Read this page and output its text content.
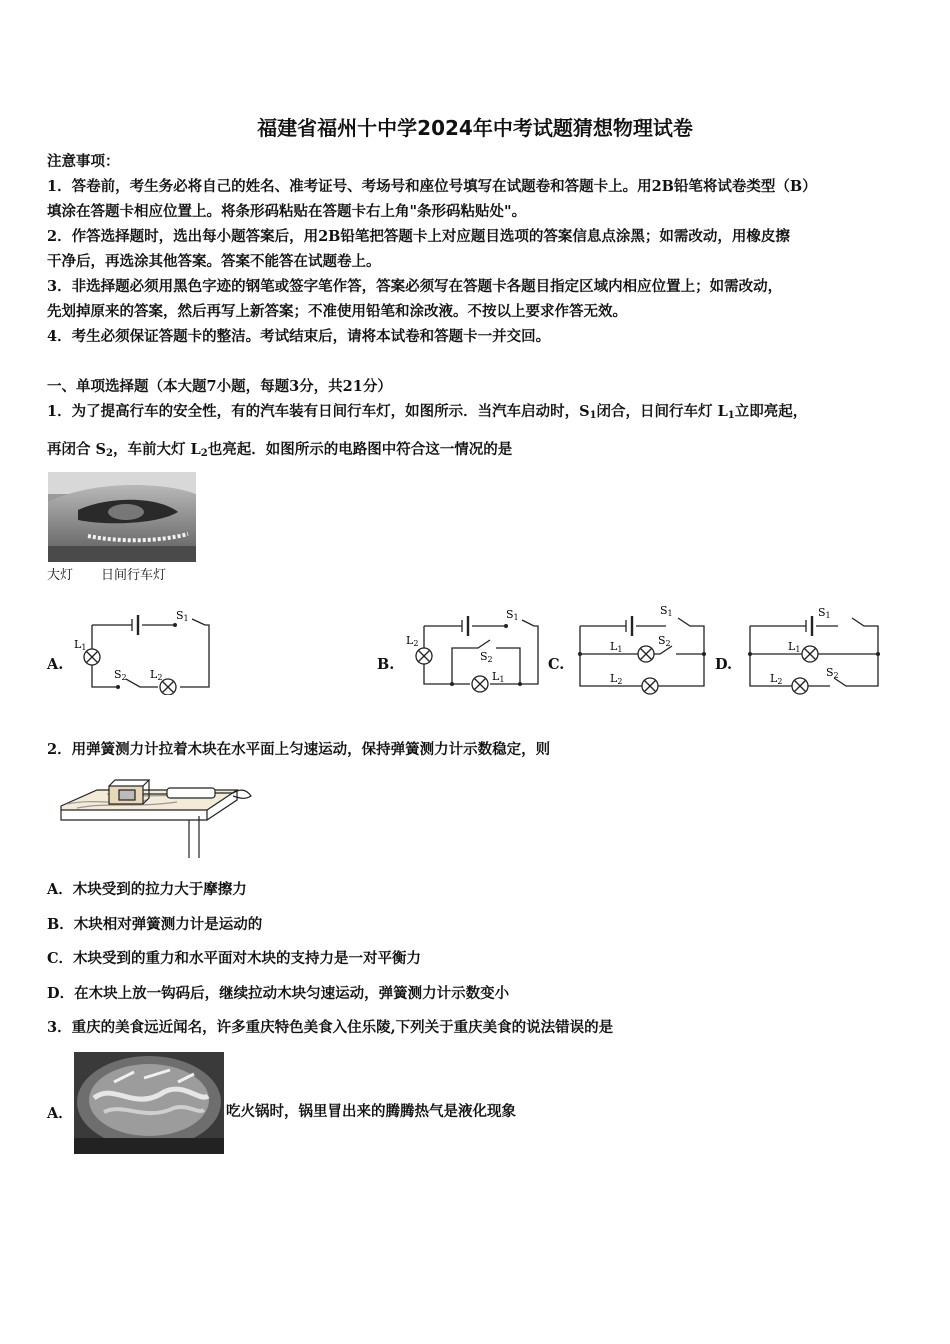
福建省福州十中学2024年中考试题猜想物理试卷
注意事项：
1．答卷前，考生务必将自己的姓名、准考证号、考场号和座位号填写在试题卷和答题卡上。用2B铅笔将试卷类型（B）
填涂在答题卡相应位置上。将条形码粘贴在答题卡右上角"条形码粘贴处"。
2．作答选择题时，选出每小题答案后，用2B铅笔把答题卡上对应题目选项的答案信息点涂黑；如需改动，用橡皮擦
干净后，再选涂其他答案。答案不能答在试题卷上。
3．非选择题必须用黑色字迹的钢笔或签字笔作答，答案必须写在答题卡各题目指定区域内相应位置上；如需改动，
先划掉原来的答案，然后再写上新答案；不准使用铅笔和涂改液。不按以上要求作答无效。
4．考生必须保证答题卡的整洁。考试结束后，请将本试卷和答题卡一并交回。
一、单项选择题（本大题7小题，每题3分，共21分）
1．为了提高行车的安全性，有的汽车装有日间行车灯，如图所示．当汽车启动时，$S_1$闭合，日间行车灯 $L_1$立即亮起，
再闭合 $S_2$，车前大灯 $L_2$也亮起．如图所示的电路图中符合这一情况的是
大灯 日间行车灯
A.
S1
L1
S2 L2
B.
S1
L2
S2
L1
C.
S1
L1
S2
L2
D.
S1
L1
L2
S2
2．用弹簧测力计拉着木块在水平面上匀速运动，保持弹簧测力计示数稳定，则
A．木块受到的拉力大于摩擦力
B．木块相对弹簧测力计是运动的
C．木块受到的重力和水平面对木块的支持力是一对平衡力
D．在木块上放一钩码后，继续拉动木块匀速运动，弹簧测力计示数变小
3．重庆的美食远近闻名，许多重庆特色美食入住乐陵,下列关于重庆美食的说法错误的是
A．	吃火锅时，锅里冒出来的腾腾热气是液化现象
